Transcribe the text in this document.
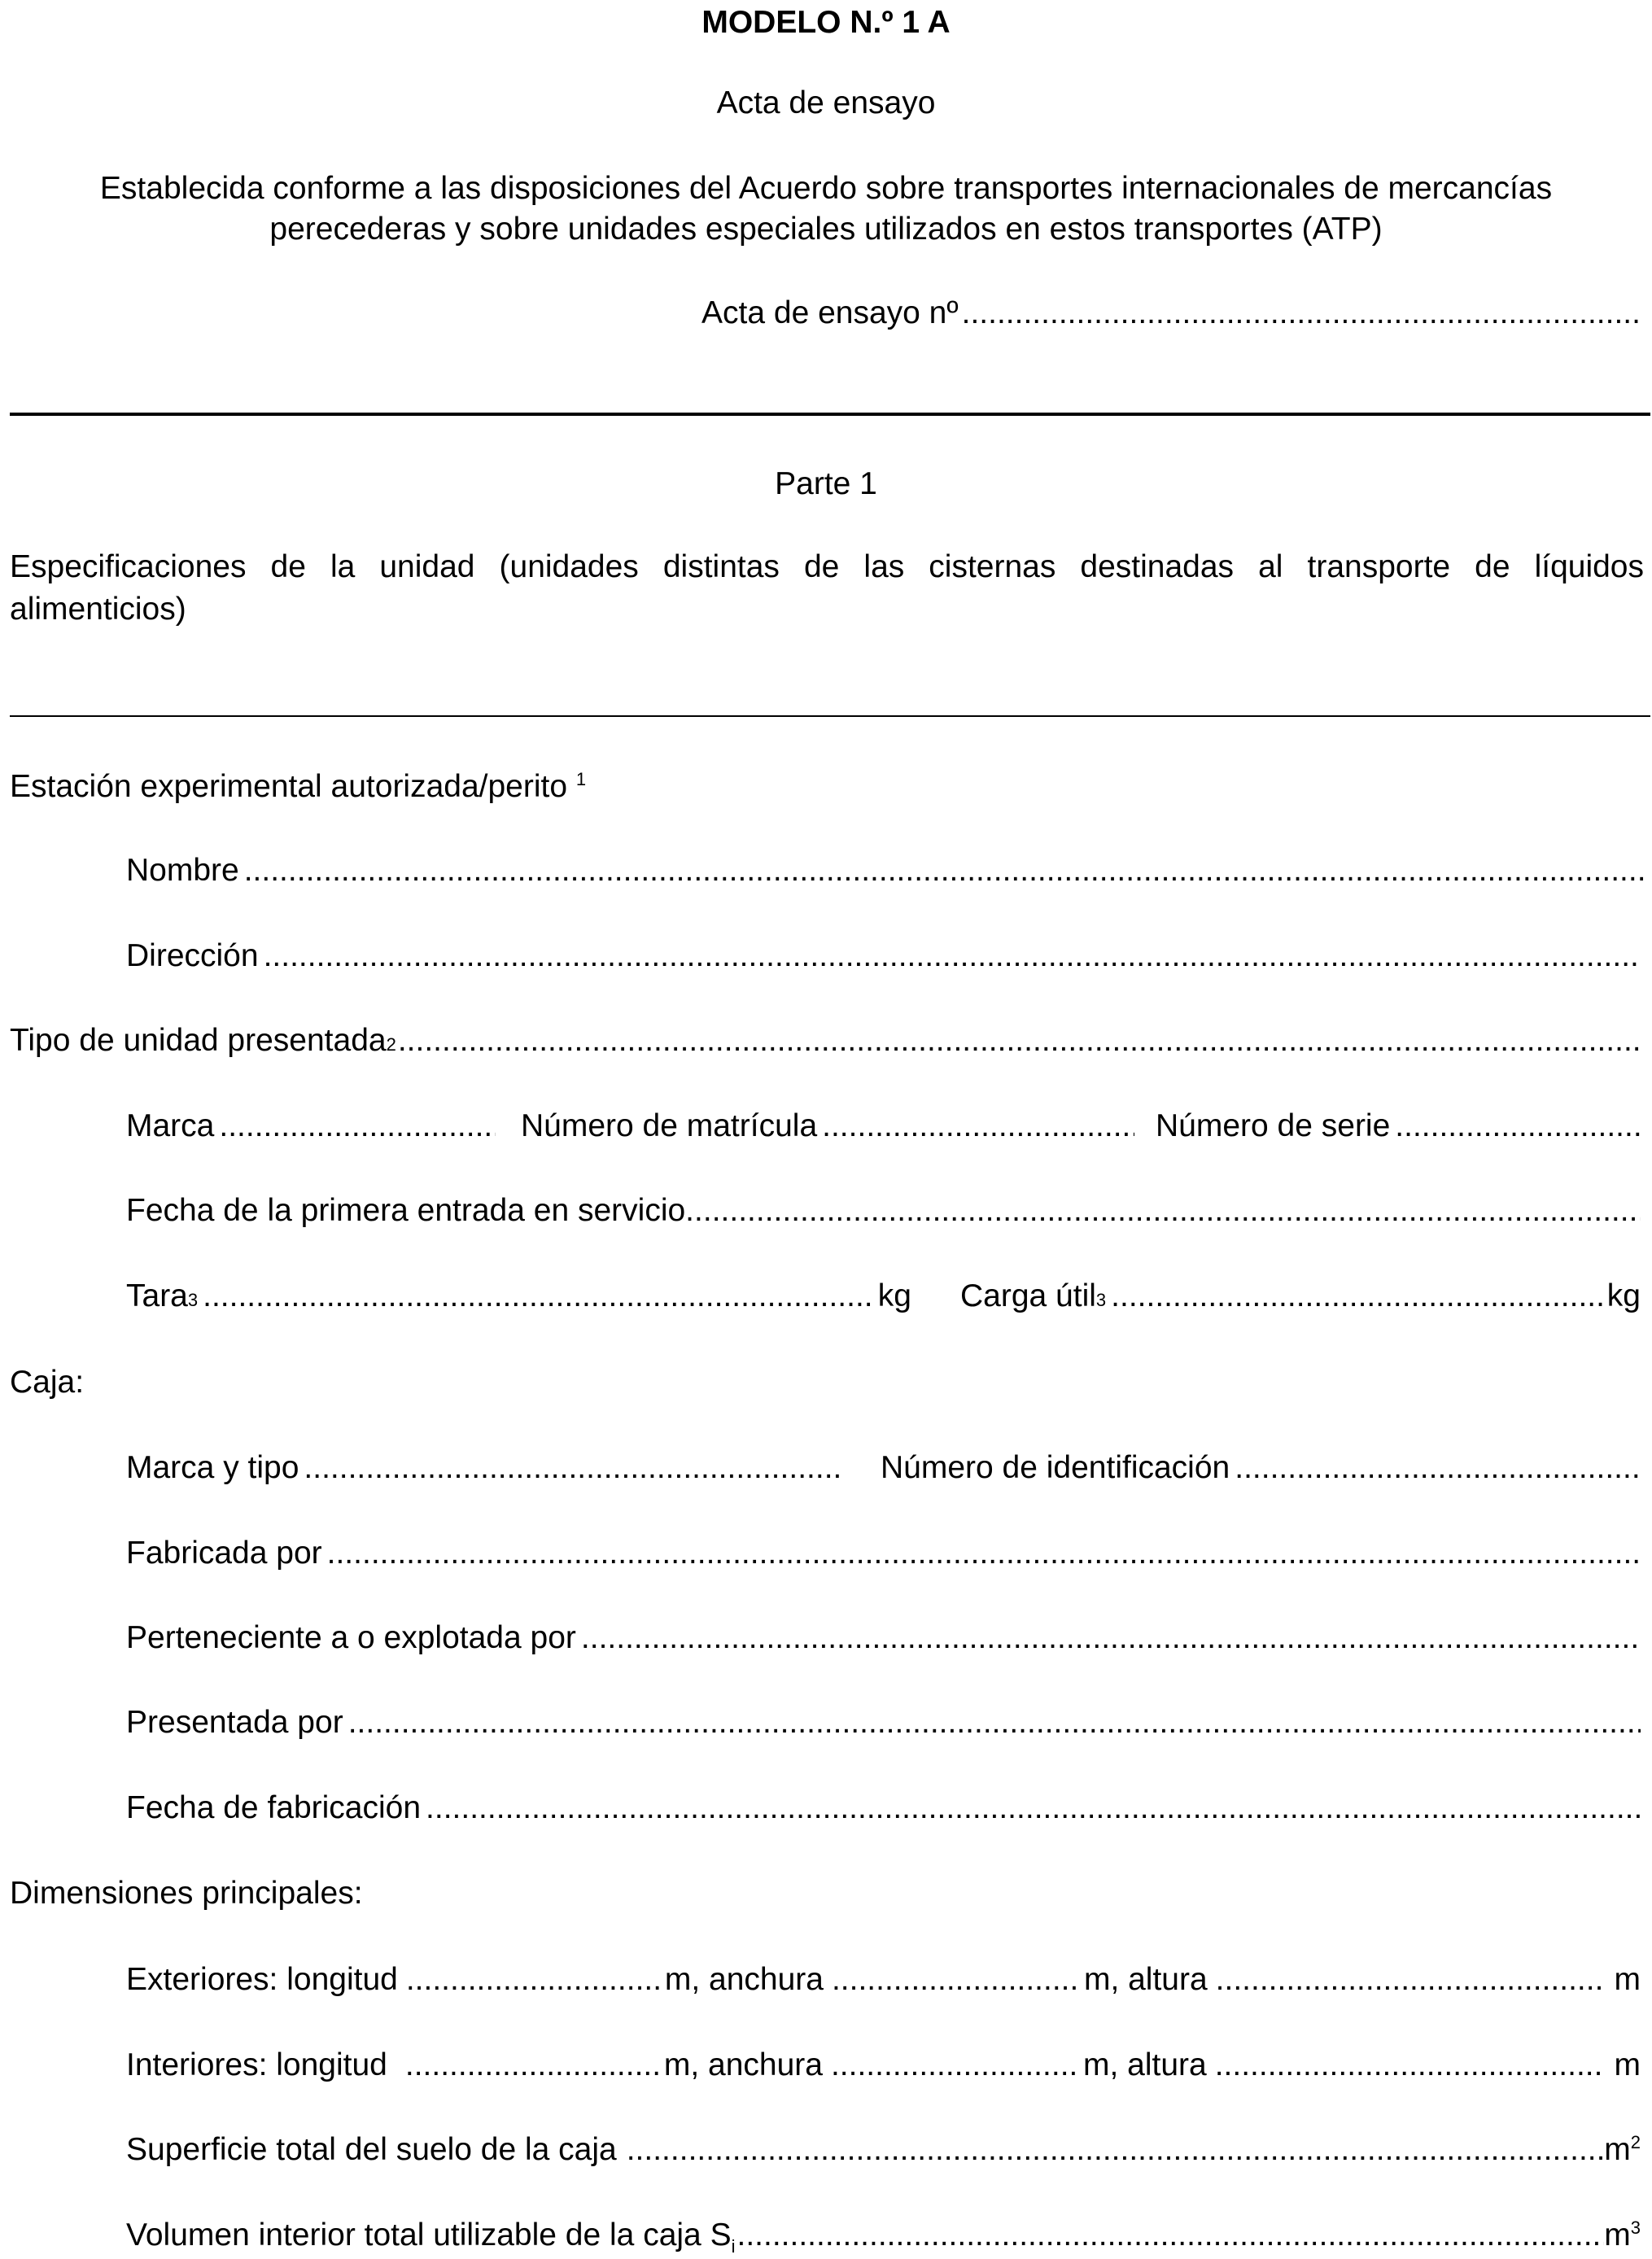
MODELO N.º 1 A
Acta de ensayo
Establecida conforme a las disposiciones del Acuerdo sobre transportes internacionales de mercancías
perecederas y sobre unidades especiales utilizados en estos transportes (ATP)
Acta de ensayo nº
.....
Parte 1
Especificaciones de la unidad (unidades distintas de las cisternas destinadas al transporte de líquidos
alimenticios)
Estación experimental autorizada/perito $^1$
Nombre
.....
Dirección
.....
Tipo de unidad presentada 2
.....
Marca .....	Número de matrícula .....	Número de serie
.....
Fecha de la primera entrada en servicio.
.....
Tara 3 .....	kg Carga útil 3 .....	kg
Caja:
Marca y tipo .....	Número de identificación
.....
Fabricada por
.....
Perteneciente a o explotada por
.....
Presentada por
.....
Fecha de fabricación
.....
Dimensiones principales:
Exteriores: longitud .....	m, anchura .....	m, altura .....	m
Interiores: longitud .....	m, anchura .....	m, altura .....	m
Superficie total del suelo de la caja .....	$m^2$
Volumen interior total utilizable de la caja $S_i$ .....	$m^3$
